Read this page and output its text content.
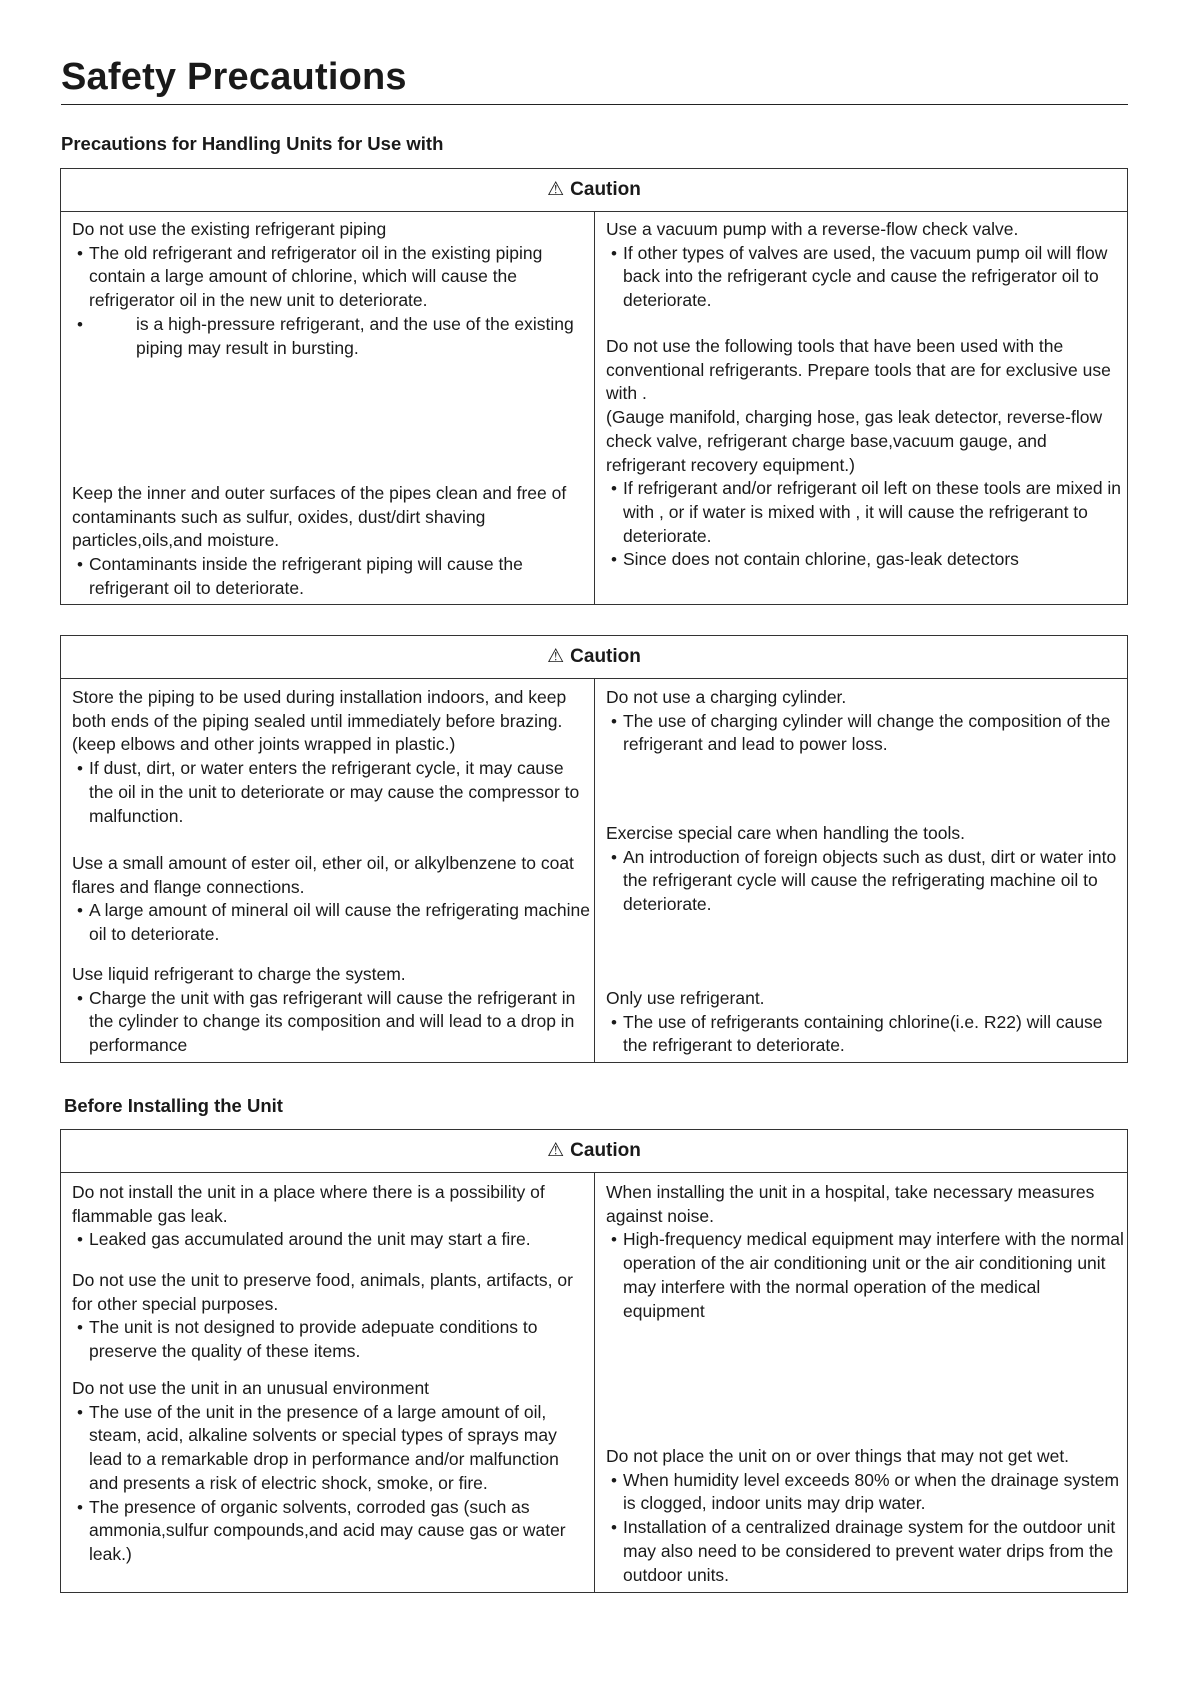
Safety Precautions
Precautions for Handling Units for Use with
⚠ Caution
Do not use the existing refrigerant piping
• The old refrigerant and refrigerator oil in the existing piping contain a large amount of chlorine, which will cause the refrigerator oil in the new unit to deteriorate.
• is a high-pressure refrigerant, and the use of the existing piping may result in bursting.
Keep the inner and outer surfaces of the pipes clean and free of contaminants such as sulfur, oxides, dust/dirt shaving particles,oils,and moisture.
• Contaminants inside the refrigerant piping will cause the refrigerant oil to deteriorate.
Use a vacuum pump with a reverse-flow check valve.
• If other types of valves are used, the vacuum pump oil will flow back into the refrigerant cycle and cause the refrigerator oil to deteriorate.
Do not use the following tools that have been used with the conventional refrigerants. Prepare tools that are for exclusive use with .
(Gauge manifold, charging hose, gas leak detector, reverse-flow check valve, refrigerant charge base,vacuum gauge, and refrigerant recovery equipment.)
• If refrigerant and/or refrigerant oil left on these tools are mixed in with , or if water is mixed with , it will cause the refrigerant to deteriorate.
• Since does not contain chlorine, gas-leak detectors
⚠ Caution
Store the piping to be used during installation indoors, and keep both ends of the piping sealed until immediately before brazing.(keep elbows and other joints wrapped in plastic.)
• If dust, dirt, or water enters the refrigerant cycle, it may cause the oil in the unit to deteriorate or may cause the compressor to malfunction.
Use a small amount of ester oil, ether oil, or alkylbenzene to coat flares and flange connections.
• A large amount of mineral oil will cause the refrigerating machine oil to deteriorate.
Use liquid refrigerant to charge the system.
• Charge the unit with gas refrigerant will cause the refrigerant in the cylinder to change its composition and will lead to a drop in performance
Do not use a charging cylinder.
• The use of charging cylinder will change the composition of the refrigerant and lead to power loss.
Exercise special care when handling the tools.
• An introduction of foreign objects such as dust, dirt or water into the refrigerant cycle will cause the refrigerating machine oil to deteriorate.
Only use refrigerant.
• The use of refrigerants containing chlorine(i.e. R22) will cause the refrigerant to deteriorate.
Before Installing the Unit
⚠ Caution
Do not install the unit in a place where there is a possibility of flammable gas leak.
• Leaked gas accumulated around the unit may start a fire.
Do not use the unit to preserve food, animals, plants, artifacts, or for other special purposes.
• The unit is not designed to provide adepuate conditions to preserve the quality of these items.
Do not use the unit in an unusual environment
• The use of the unit in the presence of a large amount of oil, steam, acid, alkaline solvents or special types of sprays may lead to a remarkable drop in performance and/or malfunction and presents a risk of electric shock, smoke, or fire.
• The presence of organic solvents, corroded gas (such as ammonia,sulfur compounds,and acid may cause gas or water leak.)
When installing the unit in a hospital, take necessary measures against noise.
• High-frequency medical equipment may interfere with the normal operation of the air conditioning unit or the air conditioning unit may interfere with the normal operation of the medical equipment
Do not place the unit on or over things that may not get wet.
• When humidity level exceeds 80% or when the drainage system is clogged, indoor units may drip water.
• Installation of a centralized drainage system for the outdoor unit may also need to be considered to prevent water drips from the outdoor units.
